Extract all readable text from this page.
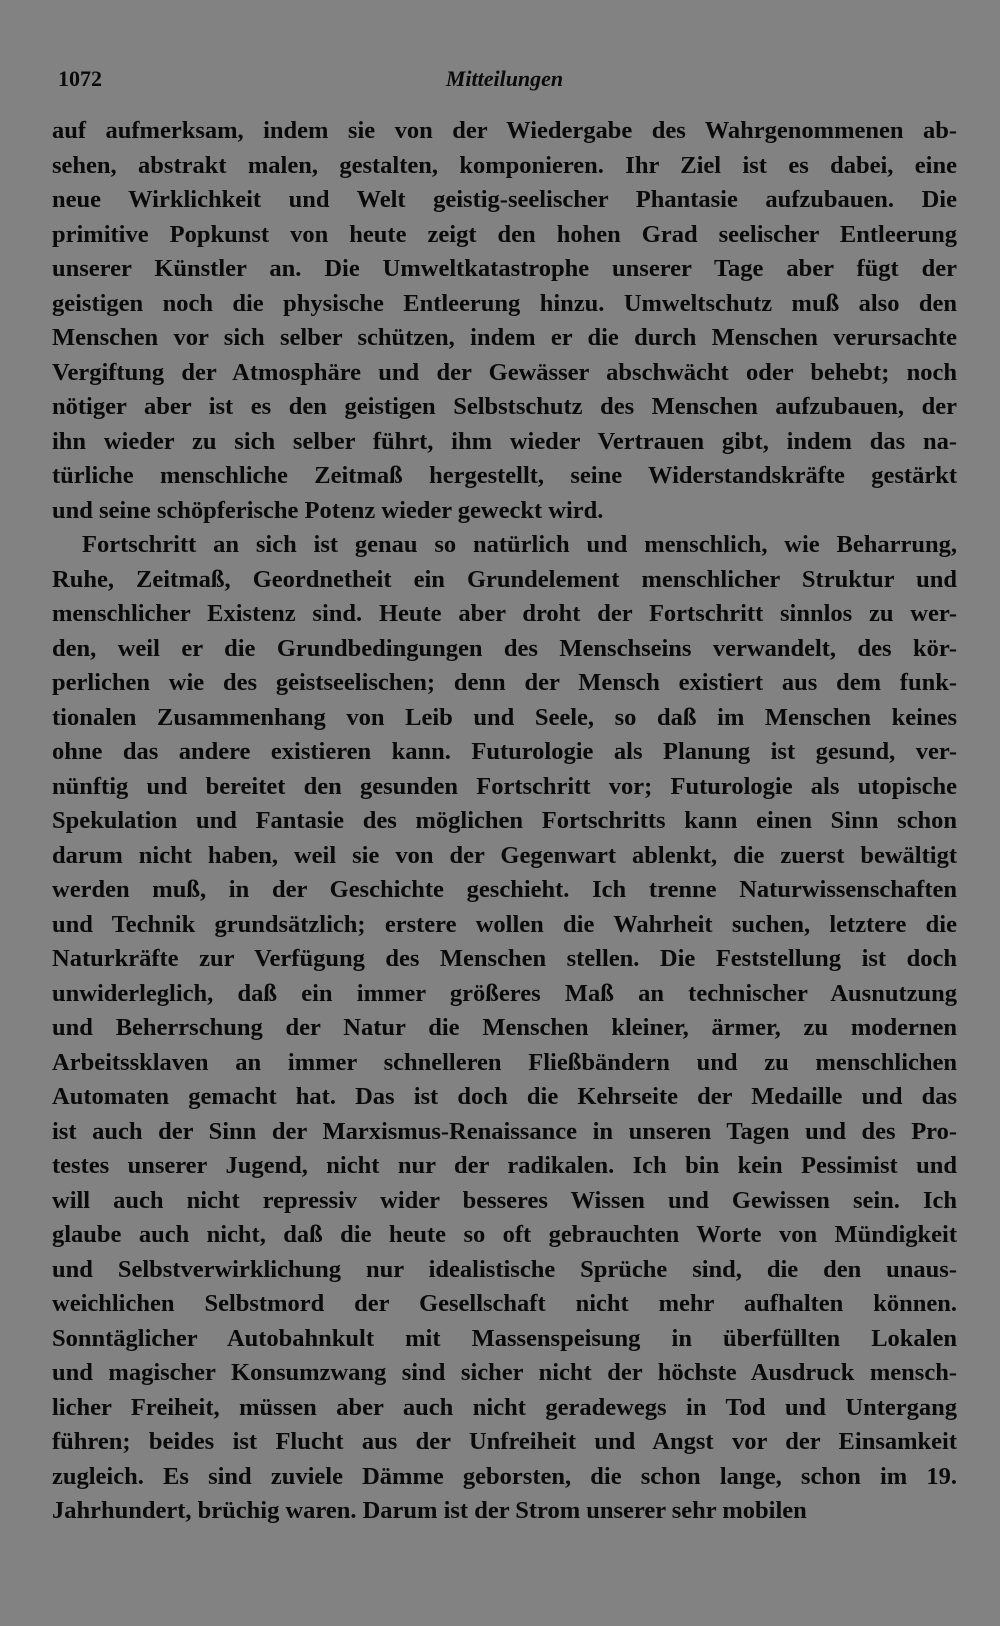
1072	Mitteilungen
auf aufmerksam, indem sie von der Wiedergabe des Wahrgenommenen ab-
sehen, abstrakt malen, gestalten, komponieren. Ihr Ziel ist es dabei, eine
neue Wirklichkeit und Welt geistig-seelischer Phantasie aufzubauen. Die
primitive Popkunst von heute zeigt den hohen Grad seelischer Entleerung
unserer Künstler an. Die Umweltkatastrophe unserer Tage aber fügt der
geistigen noch die physische Entleerung hinzu. Umweltschutz muß also den
Menschen vor sich selber schützen, indem er die durch Menschen verursachte
Vergiftung der Atmosphäre und der Gewässer abschwächt oder behebt; noch
nötiger aber ist es den geistigen Selbstschutz des Menschen aufzubauen, der
ihn wieder zu sich selber führt, ihm wieder Vertrauen gibt, indem das na-
türliche menschliche Zeitmaß hergestellt, seine Widerstandskräfte gestärkt
und seine schöpferische Potenz wieder geweckt wird.
Fortschritt an sich ist genau so natürlich und menschlich, wie Beharrung,
Ruhe, Zeitmaß, Geordnetheit ein Grundelement menschlicher Struktur und
menschlicher Existenz sind. Heute aber droht der Fortschritt sinnlos zu wer-
den, weil er die Grundbedingungen des Menschseins verwandelt, des kör-
perlichen wie des geistseelischen; denn der Mensch existiert aus dem funk-
tionalen Zusammenhang von Leib und Seele, so daß im Menschen keines
ohne das andere existieren kann. Futurologie als Planung ist gesund, ver-
nünftig und bereitet den gesunden Fortschritt vor; Futurologie als utopische
Spekulation und Fantasie des möglichen Fortschritts kann einen Sinn schon
darum nicht haben, weil sie von der Gegenwart ablenkt, die zuerst bewältigt
werden muß, in der Geschichte geschieht. Ich trenne Naturwissenschaften
und Technik grundsätzlich; erstere wollen die Wahrheit suchen, letztere die
Naturkräfte zur Verfügung des Menschen stellen. Die Feststellung ist doch
unwiderleglich, daß ein immer größeres Maß an technischer Ausnutzung
und Beherrschung der Natur die Menschen kleiner, ärmer, zu modernen
Arbeitssklaven an immer schnelleren Fließbändern und zu menschlichen
Automaten gemacht hat. Das ist doch die Kehrseite der Medaille und das
ist auch der Sinn der Marxismus-Renaissance in unseren Tagen und des Pro-
testes unserer Jugend, nicht nur der radikalen. Ich bin kein Pessimist und
will auch nicht repressiv wider besseres Wissen und Gewissen sein. Ich
glaube auch nicht, daß die heute so oft gebrauchten Worte von Mündigkeit
und Selbstverwirklichung nur idealistische Sprüche sind, die den unaus-
weichlichen Selbstmord der Gesellschaft nicht mehr aufhalten können.
Sonntäglicher Autobahnkult mit Massenspeisung in überfüllten Lokalen
und magischer Konsumzwang sind sicher nicht der höchste Ausdruck mensch-
licher Freiheit, müssen aber auch nicht geradewegs in Tod und Untergang
führen; beides ist Flucht aus der Unfreiheit und Angst vor der Einsamkeit
zugleich. Es sind zuviele Dämme geborsten, die schon lange, schon im 19.
Jahrhundert, brüchig waren. Darum ist der Strom unserer sehr mobilen
